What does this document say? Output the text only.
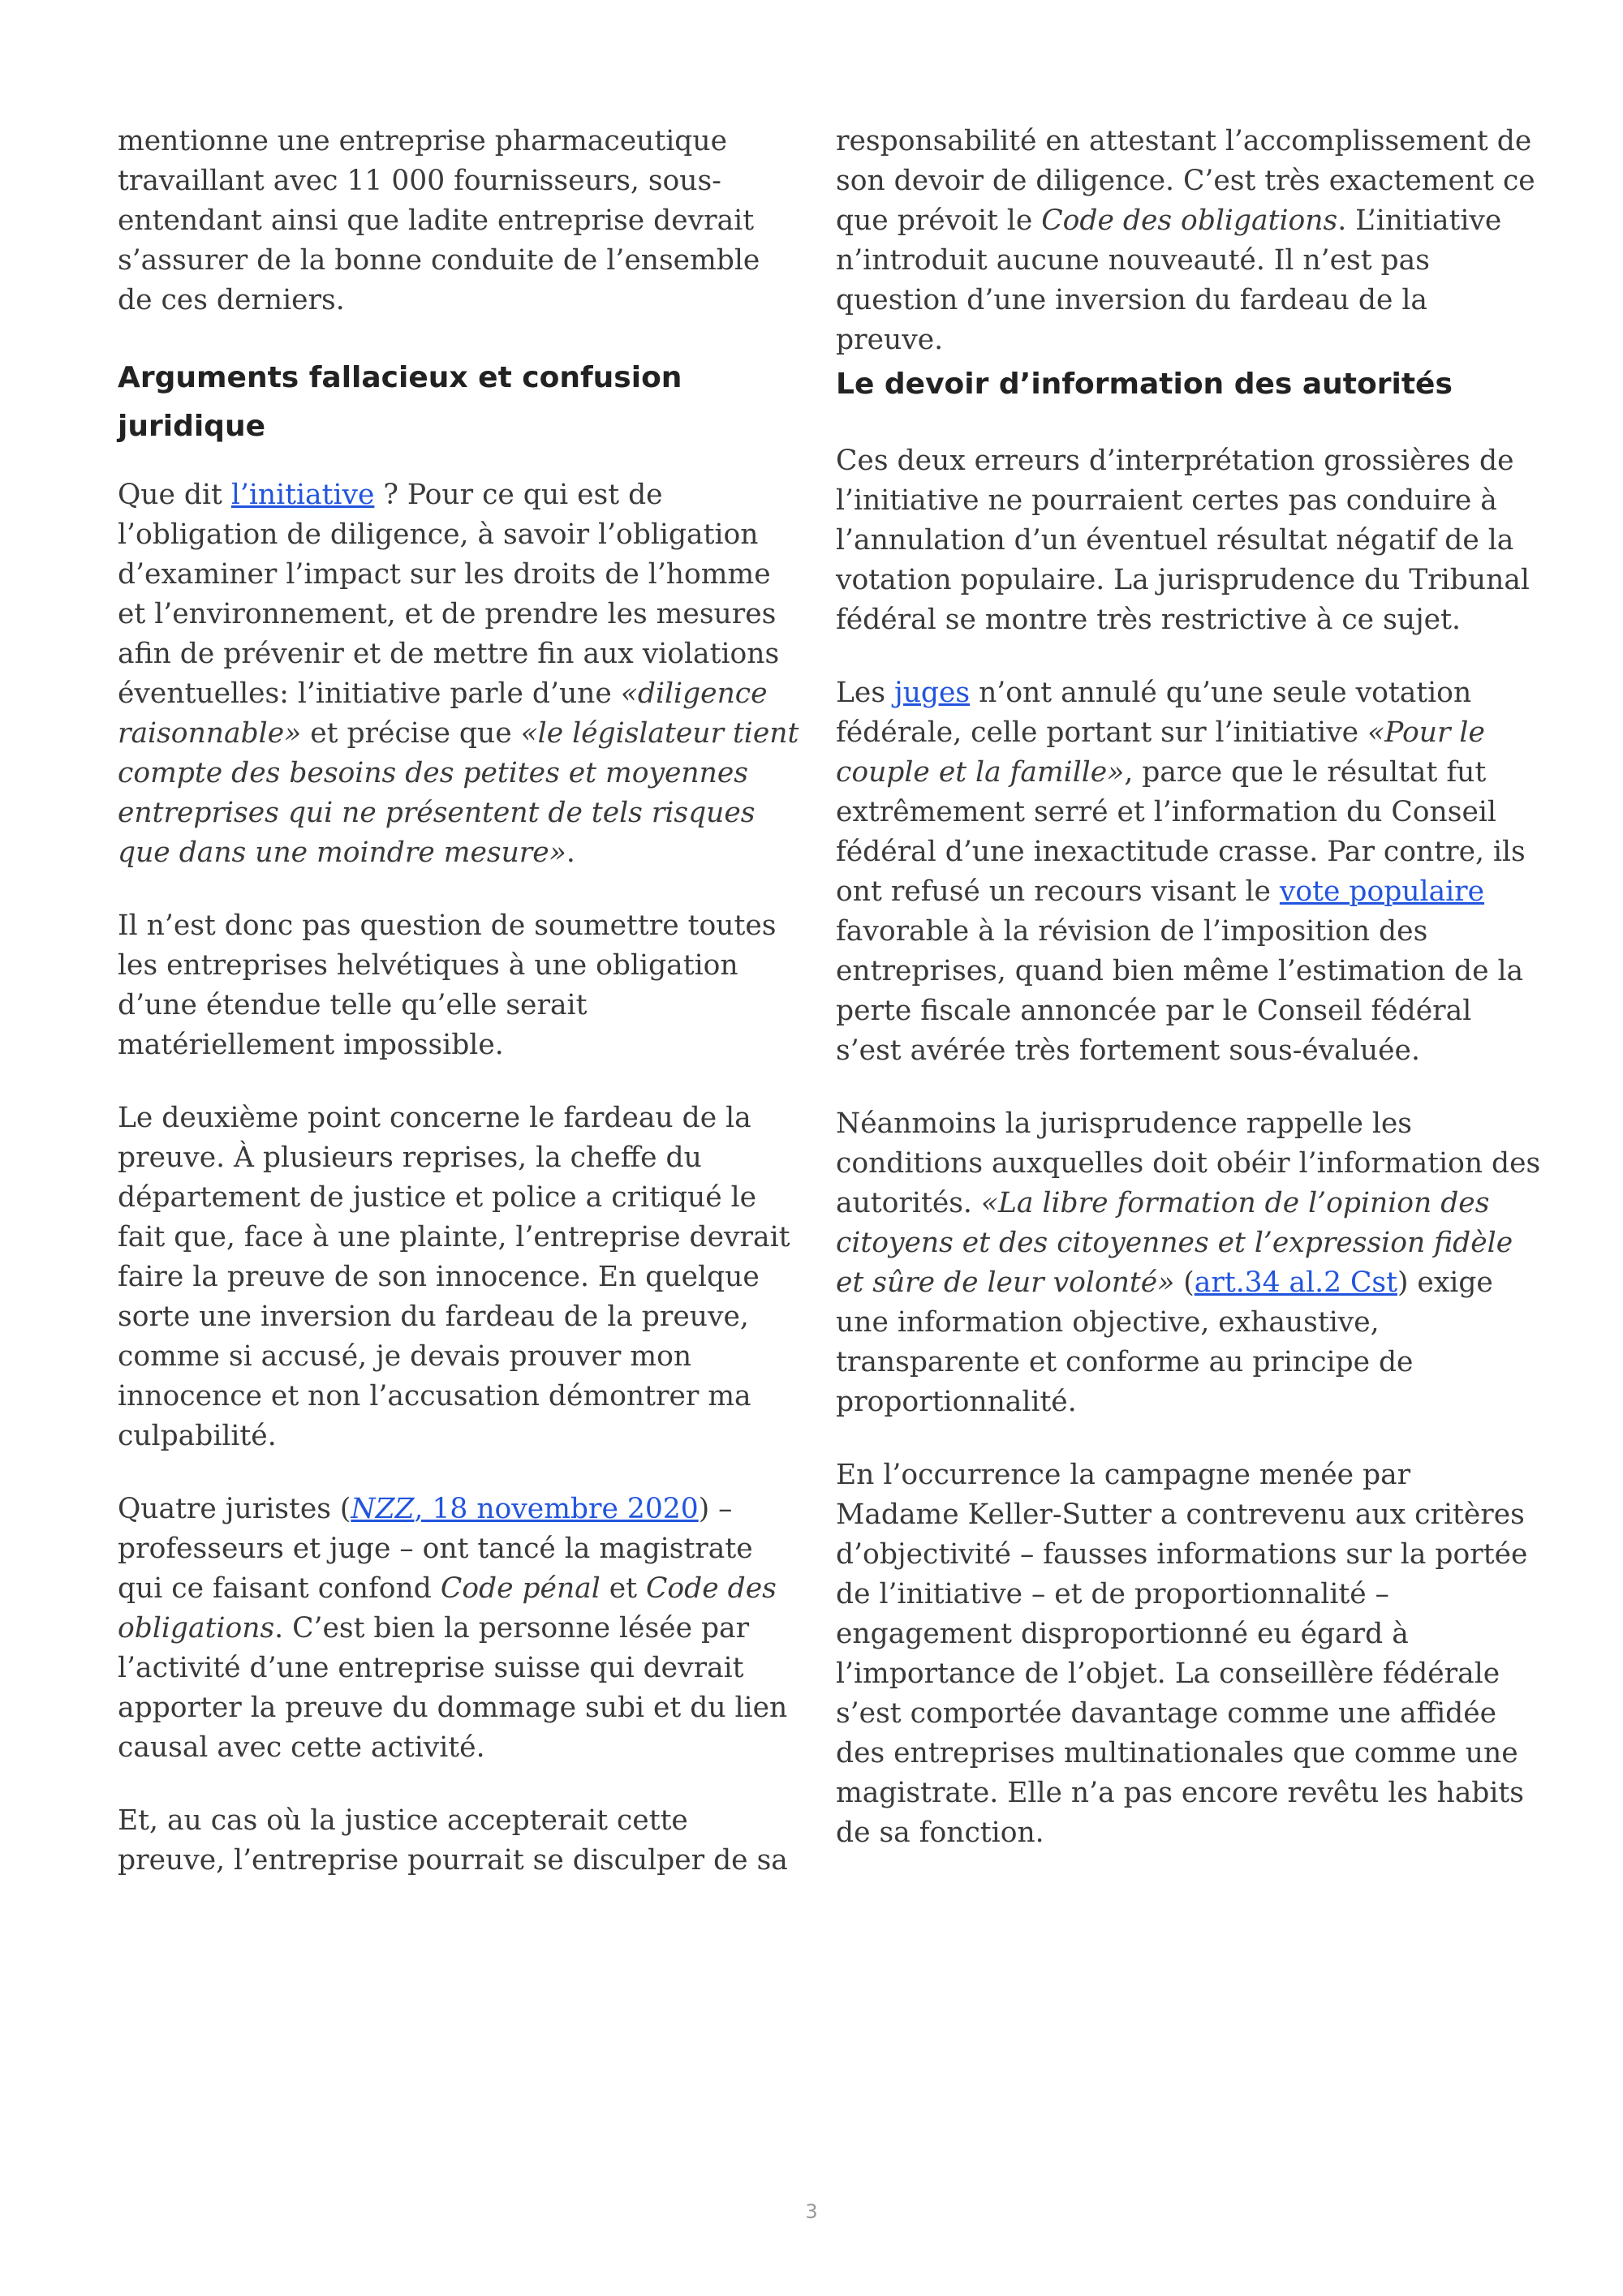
mentionne une entreprise pharmaceutique travaillant avec 11 000 fournisseurs, sous-entendant ainsi que ladite entreprise devrait s’assurer de la bonne conduite de l’ensemble de ces derniers.

Arguments fallacieux et confusion juridique

Que dit l’initiative ? Pour ce qui est de l’obligation de diligence, à savoir l’obligation d’examiner l’impact sur les droits de l’homme et l’environnement, et de prendre les mesures afin de prévenir et de mettre fin aux violations éventuelles: l’initiative parle d’une «diligence raisonnable» et précise que «le législateur tient compte des besoins des petites et moyennes entreprises qui ne présentent de tels risques que dans une moindre mesure».

Il n’est donc pas question de soumettre toutes les entreprises helvétiques à une obligation d’une étendue telle qu’elle serait matériellement impossible.

Le deuxième point concerne le fardeau de la preuve. À plusieurs reprises, la cheffe du département de justice et police a critiqué le fait que, face à une plainte, l’entreprise devrait faire la preuve de son innocence. En quelque sorte une inversion du fardeau de la preuve, comme si accusé, je devais prouver mon innocence et non l’accusation démontrer ma culpabilité.

Quatre juristes (NZZ, 18 novembre 2020) – professeurs et juge – ont tancé la magistrate qui ce faisant confond Code pénal et Code des obligations. C’est bien la personne lésée par l’activité d’une entreprise suisse qui devrait apporter la preuve du dommage subi et du lien causal avec cette activité.

Et, au cas où la justice accepterait cette preuve, l’entreprise pourrait se disculper de sa

responsabilité en attestant l’accomplissement de son devoir de diligence. C’est très exactement ce que prévoit le Code des obligations. L’initiative n’introduit aucune nouveauté. Il n’est pas question d’une inversion du fardeau de la preuve.

Le devoir d’information des autorités

Ces deux erreurs d’interprétation grossières de l’initiative ne pourraient certes pas conduire à l’annulation d’un éventuel résultat négatif de la votation populaire. La jurisprudence du Tribunal fédéral se montre très restrictive à ce sujet.

Les juges n’ont annulé qu’une seule votation fédérale, celle portant sur l’initiative «Pour le couple et la famille», parce que le résultat fut extrêmement serré et l’information du Conseil fédéral d’une inexactitude crasse. Par contre, ils ont refusé un recours visant le vote populaire favorable à la révision de l’imposition des entreprises, quand bien même l’estimation de la perte fiscale annoncée par le Conseil fédéral s’est avérée très fortement sous-évaluée.

Néanmoins la jurisprudence rappelle les conditions auxquelles doit obéir l’information des autorités. «La libre formation de l’opinion des citoyens et des citoyennes et l’expression fidèle et sûre de leur volonté» (art.34 al.2 Cst) exige une information objective, exhaustive, transparente et conforme au principe de proportionnalité.

En l’occurrence la campagne menée par Madame Keller-Sutter a contrevenu aux critères d’objectivité – fausses informations sur la portée de l’initiative – et de proportionnalité – engagement disproportionné eu égard à l’importance de l’objet. La conseillère fédérale s’est comportée davantage comme une affidée des entreprises multinationales que comme une magistrate. Elle n’a pas encore revêtu les habits de sa fonction.

3
